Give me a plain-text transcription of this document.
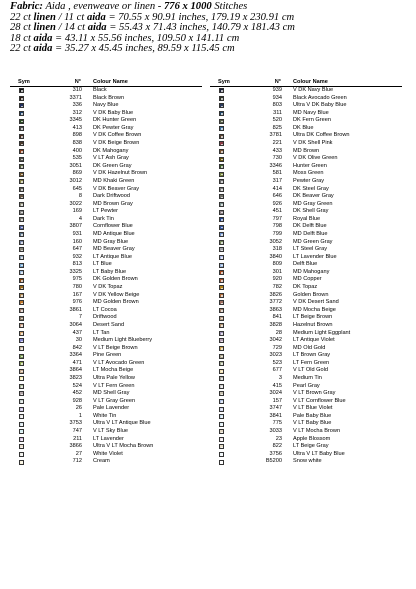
Fabric: Aida , evenweave or linen - 776 x 1000 Stitches
22 ct linen / 11 ct aida = 70.55 x 90.91 inches, 179.19 x 230.91 cm
28 ct linen / 14 ct aida = 55.43 x 71.43 inches, 140.79 x 181.43 cm
18 ct aida = 43.11 x 55.56 inches, 109.50 x 141.11 cm
22 ct aida = 35.27 x 45.45 inches, 89.59 x 115.45 cm
Sym	N° Colour Name
310 Black
3371 Black Brown
336 Navy Blue
312 V DK Baby Blue
3345 DK Hunter Green
413 DK Pewter Gray
898 V DK Coffee Brown
838 V DK Beige Brown
400 DK Mahogany
535 V LT Ash Gray
3051 DK Green Gray
869 V DK Hazelnut Brown
3012 MD Khaki Green
645 V DK Beaver Gray
8 Dark Driftwood
3022 MD Brown Gray
169 LT Pewter
4 Dark Tin
3807 Cornflower Blue
931 MD Antique Blue
160 MD Gray Blue
647 MD Beaver Gray
932 LT Antique Blue
813 LT Blue
3325 LT Baby Blue
975 DK Golden Brown
780 V DK Topaz
167 V DK Yellow Beige
976 MD Golden Brown
3861 LT Cocoa
7 Driftwood
3064 Desert Sand
437 LT Tan
30 Medium Light Blueberry
842 V LT Beige Brown
3364 Pine Green
471 V LT Avocado Green
3864 LT Mocha Beige
3823 Ultra Pale Yellow
524 V LT Fern Green
452 MD Shell Gray
928 V LT Gray Green
26 Pale Lavender
1 White Tin
3753 Ultra V LT Antique Blue
747 V LT Sky Blue
211 LT Lavender
3866 Ultra V LT Mocha Brown
27 White Violet
712 Cream
Sym	N° Colour Name
939 V DK Navy Blue
934 Black Avocado Green
803 Ultra V DK Baby Blue
311 MD Navy Blue
520 DK Fern Green
825 DK Blue
3781 Ultra DK Coffee Brown
221 V DK Shell Pink
433 MD Brown
730 V DK Olive Green
3346 Hunter Green
581 Moss Green
317 Pewter Gray
414 DK Steel Gray
646 DK Beaver Gray
926 MD Gray Green
451 DK Shell Gray
797 Royal Blue
798 DK Delft Blue
799 MD Delft Blue
3052 MD Green Gray
318 LT Steel Gray
3840 LT Lavender Blue
809 Delft Blue
301 MD Mahogany
920 MD Copper
782 DK Topaz
3826 Golden Brown
3772 V DK Desert Sand
3863 MD Mocha Beige
841 LT Beige Brown
3828 Hazelnut Brown
28 Medium Light Eggplant
3042 LT Antique Violet
729 MD Old Gold
3023 LT Brown Gray
523 LT Fern Green
677 V LT Old Gold
3 Medium Tin
415 Pearl Gray
3024 V LT Brown Gray
157 V LT Cornflower Blue
3747 V LT Blue Violet
3841 Pale Baby Blue
775 V LT Baby Blue
3033 V LT Mocha Brown
23 Apple Blossom
822 LT Beige Gray
3756 Ultra V LT Baby Blue
B5200 Snow white
